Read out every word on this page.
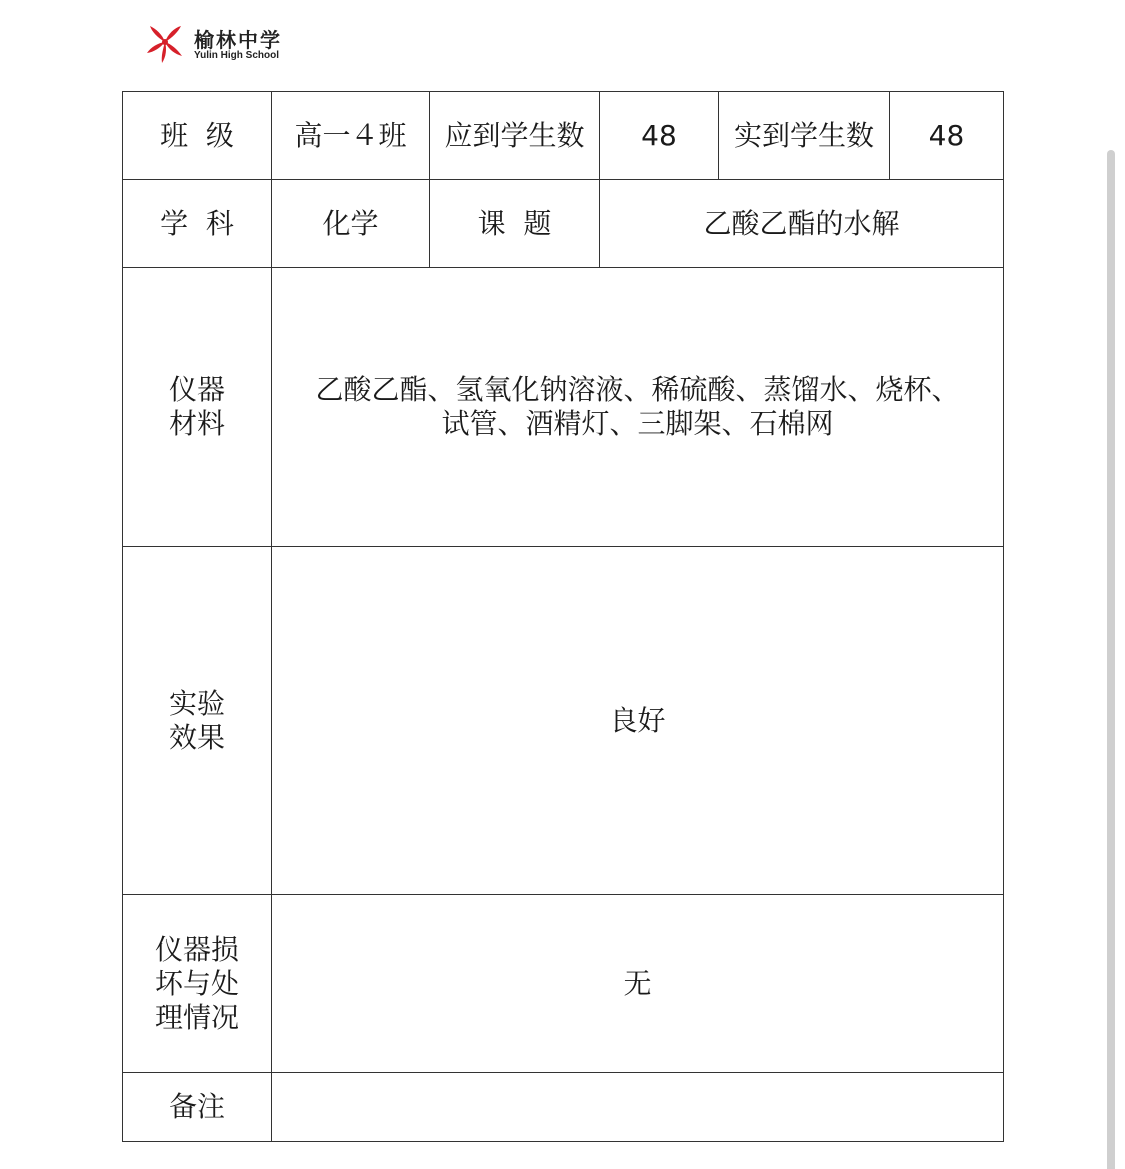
榆林中学
Yulin High School
班  级	高一４班	应到学生数	48	实到学生数	48
学  科	化学	课  题	乙酸乙酯的水解		

仪器
材料	乙酸乙酯、氢氧化钠溶液、稀硫酸、蒸馏水、烧杯、
试管、酒精灯、三脚架、石棉网				

实验
效果	良好				

仪器损
坏与处
理情况	无				
备注					
